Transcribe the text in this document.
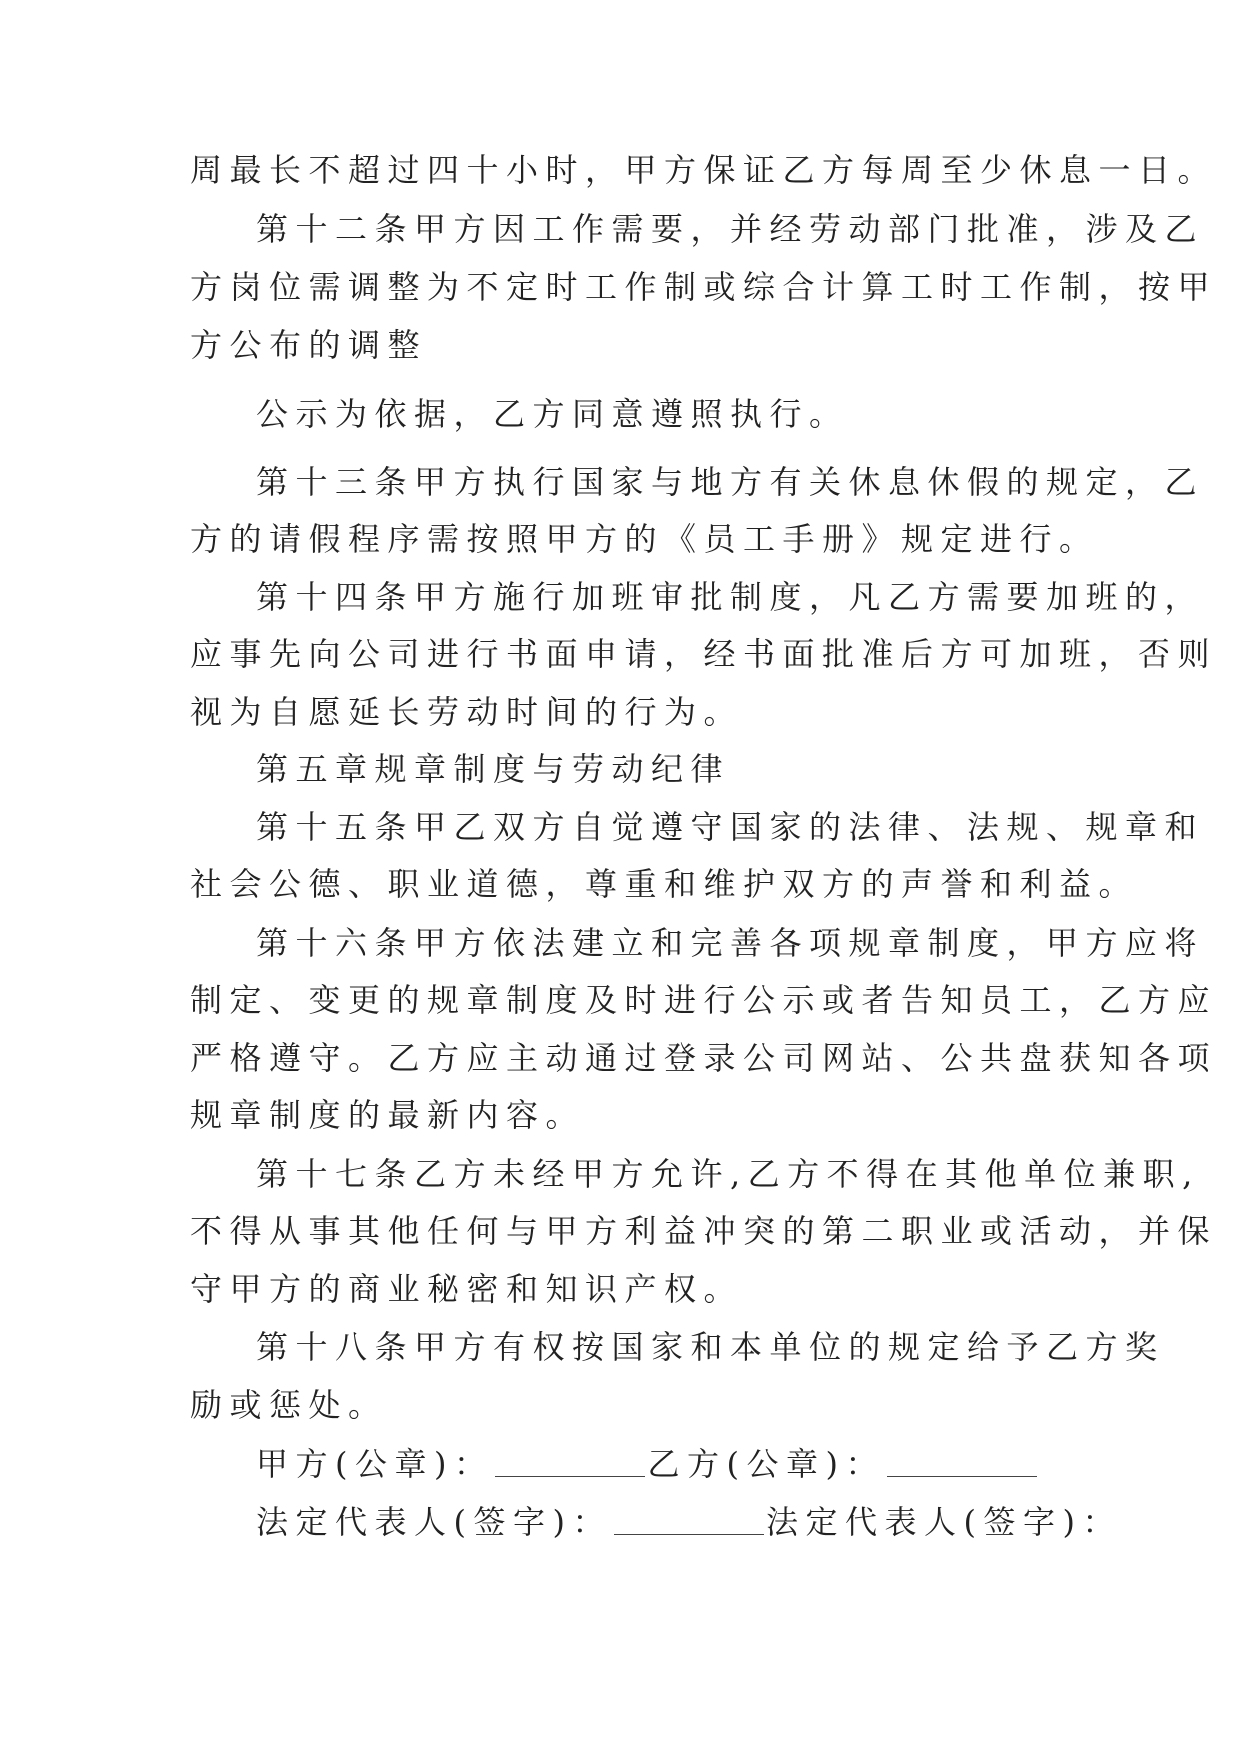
周最长不超过四十小时，甲方保证乙方每周至少休息一日。
第十二条甲方因工作需要，并经劳动部门批准，涉及乙
方岗位需调整为不定时工作制或综合计算工时工作制，按甲
方公布的调整
公示为依据，乙方同意遵照执行。
第十三条甲方执行国家与地方有关休息休假的规定，乙
方的请假程序需按照甲方的《员工手册》规定进行。
第十四条甲方施行加班审批制度，凡乙方需要加班的，
应事先向公司进行书面申请，经书面批准后方可加班，否则
视为自愿延长劳动时间的行为。
第五章规章制度与劳动纪律
第十五条甲乙双方自觉遵守国家的法律、法规、规章和
社会公德、职业道德，尊重和维护双方的声誉和利益。
第十六条甲方依法建立和完善各项规章制度，甲方应将
制定、变更的规章制度及时进行公示或者告知员工，乙方应
严格遵守。乙方应主动通过登录公司网站、公共盘获知各项
规章制度的最新内容。
第十七条乙方未经甲方允许,乙方不得在其他单位兼职,
不得从事其他任何与甲方利益冲突的第二职业或活动，并保
守甲方的商业秘密和知识产权。
第十八条甲方有权按国家和本单位的规定给予乙方奖
励或惩处。
甲方(公章)：	乙方(公章)：
法定代表人(签字)：	法定代表人(签字)：
